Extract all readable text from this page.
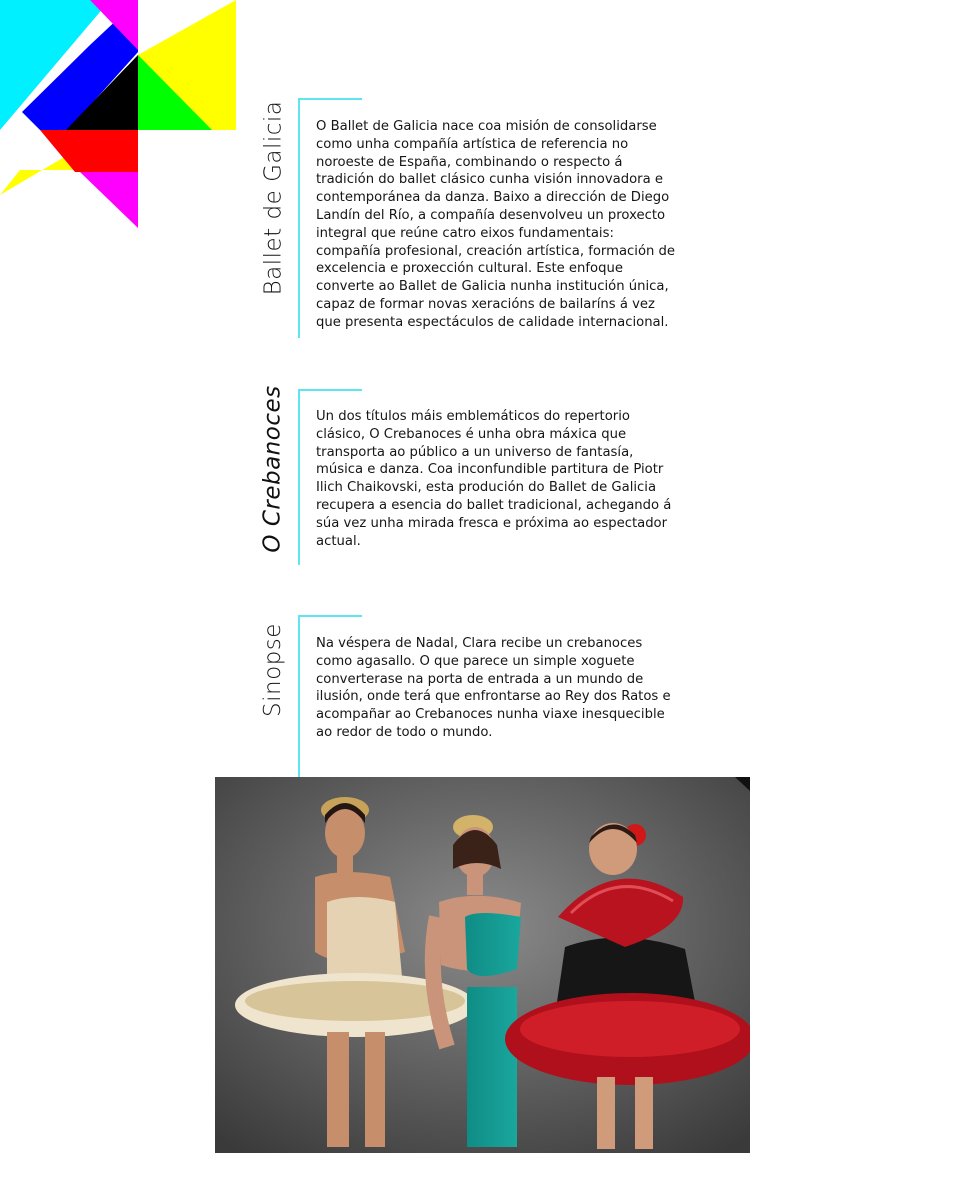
Ballet de Galicia O Ballet de Galicia nace coa misión de consolidarse como unha compañía artística de referencia no noroeste de España, combinando o respecto á tradición do ballet clásico cunha visión innovadora e contemporánea da danza. Baixo a dirección de Diego Landín del Río, a compañía desenvolveu un proxecto integral que reúne catro eixos fundamentais: compañía profesional, creación artística, formación de excelencia e proxección cultural. Este enfoque converte ao Ballet de Galicia nunha institución única, capaz de formar novas xeracións de bailaríns á vez que presenta espectáculos de calidade internacional.

O Crebanoces Un dos títulos máis emblemáticos do repertorio clásico, O Crebanoces é unha obra máxica que transporta ao público a un universo de fantasía, música e danza. Coa inconfundible partitura de Piotr Ilich Chaikovski, esta produción do Ballet de Galicia recupera a esencia do ballet tradicional, achegando á súa vez unha mirada fresca e próxima ao espectador actual.

Sinopse Na véspera de Nadal, Clara recibe un crebanoces como agasallo. O que parece un simple xoguete converterase na porta de entrada a un mundo de ilusión, onde terá que enfrontarse ao Rey dos Ratos e acompañar ao Crebanoces nunha viaxe inesquecible ao redor de todo o mundo.
